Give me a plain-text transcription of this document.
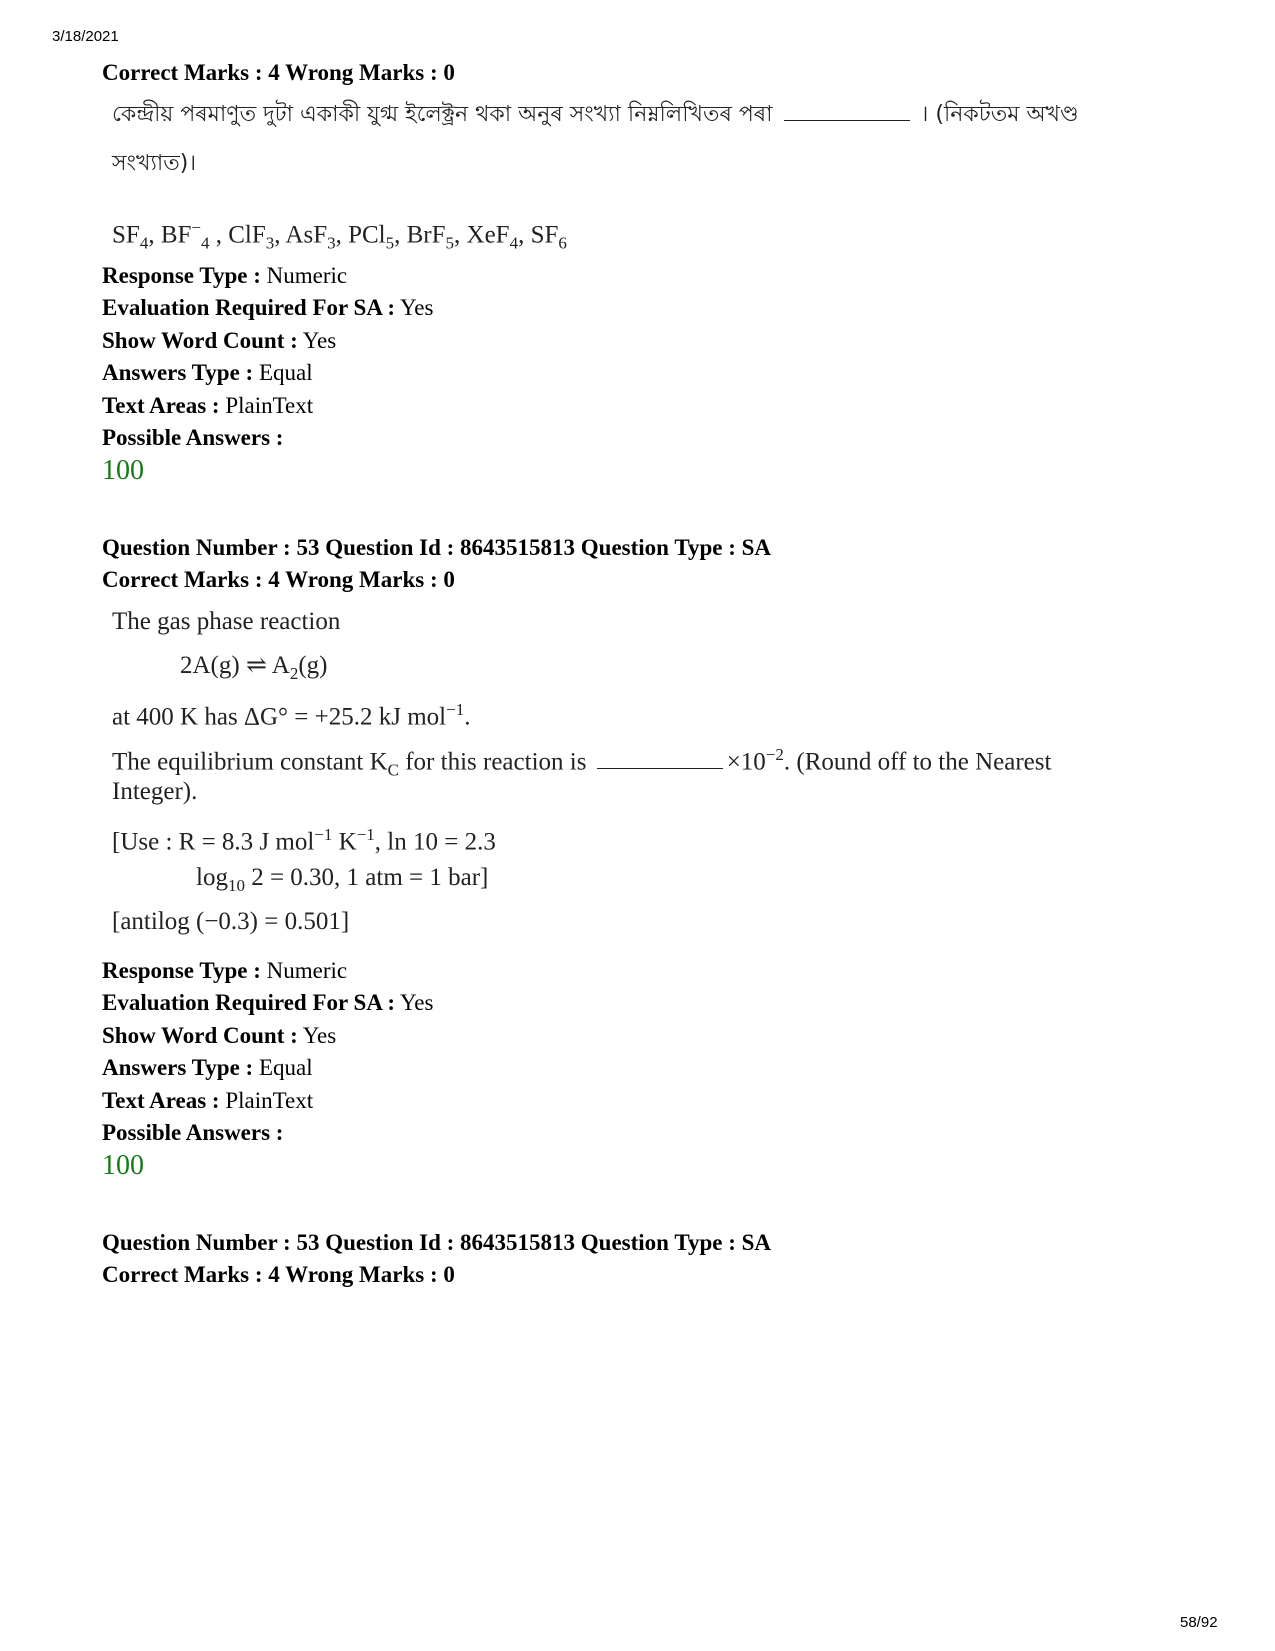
3/18/2021
Correct Marks : 4 Wrong Marks : 0
কেন্দ্ৰীয় পৰমাণুত দুটা একাকী যুগ্ম ইলেক্ট্ৰন থকা অনুৰ সংখ্যা নিম্নলিখিতৰ পৰা	। (নিকটতম অখণ্ড
সংখ্যাত)।
$SF_4$, $BF^-_4$ , ClF$_3$, AsF$_3$, PCl$_5$, BrF$_5$, XeF$_4$, $SF_6$
Response Type : Numeric
Evaluation Required For SA : Yes
Show Word Count : Yes
Answers Type : Equal
Text Areas : PlainText
Possible Answers :
100
Question Number : 53 Question Id : 8643515813 Question Type : SA
Correct Marks : 4 Wrong Marks : 0
The gas phase reaction
2A(g) ⇌ $A_2(g)$
at 400 K has ΔG° = +25.2 kJ mol$^{-1}$.
The equilibrium constant $K_C$ for this reaction is	$\times 10^{-2}$. (Round off to the Nearest
Integer).
[Use : R = 8.3 J mol$^{-1}$ $K^{-1}$, ln 10 = 2.3
$\log_{10} 2 = 0.30$, 1 atm = 1 bar]
[antilog (−0.3) = 0.501]
Response Type : Numeric
Evaluation Required For SA : Yes
Show Word Count : Yes
Answers Type : Equal
Text Areas : PlainText
Possible Answers :
100
Question Number : 53 Question Id : 8643515813 Question Type : SA
Correct Marks : 4 Wrong Marks : 0
58/92
